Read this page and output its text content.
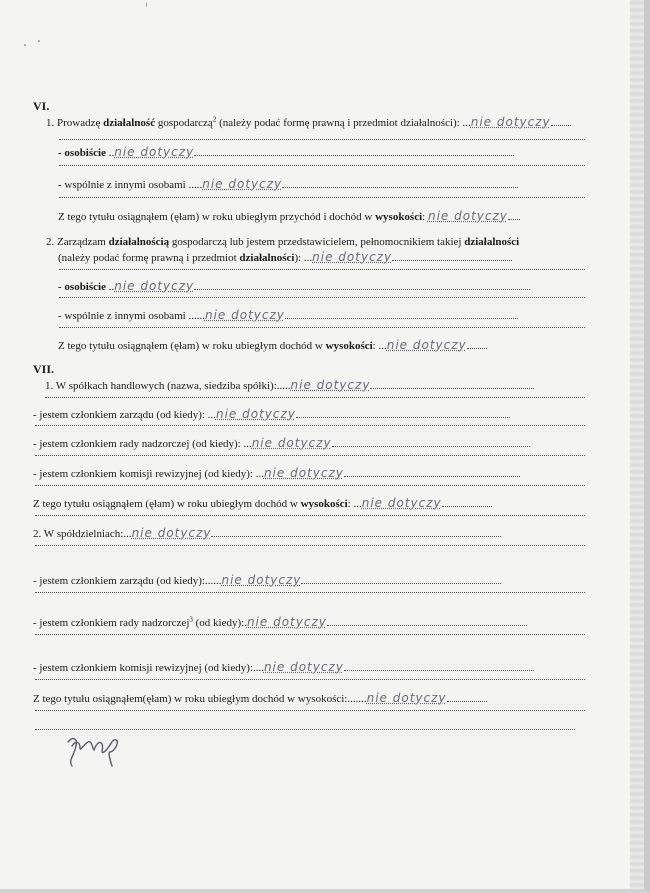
VI.
1. Prowadzę działalność gospodarczą$^2$ (należy podać formę prawną i przedmiot działalności): ...nie dotyczy
- osobiście ..nie dotyczy
- wspólnie z innymi osobami .....nie dotyczy
Z tego tytułu osiągnąłem (ęłam) w roku ubiegłym przychód i dochód w wysokości: nie dotyczy
2. Zarządzam działalnością gospodarczą lub jestem przedstawicielem, pełnomocnikiem takiej działalności
(należy podać formę prawną i przedmiot działalności): ...nie dotyczy
- osobiście ..nie dotyczy
- wspólnie z innymi osobami ......nie dotyczy
Z tego tytułu osiągnąłem (ęłam) w roku ubiegłym dochód w wysokości: ...nie dotyczy
VII.
1. W spółkach handlowych (nazwa, siedziba spółki):.....nie dotyczy
- jestem członkiem zarządu (od kiedy): ...nie dotyczy
- jestem członkiem rady nadzorczej (od kiedy): ...nie dotyczy
- jestem członkiem komisji rewizyjnej (od kiedy): ...nie dotyczy
Z tego tytułu osiągnąłem (ęłam) w roku ubiegłym dochód w wysokości: ...nie dotyczy
2. W spółdzielniach:...nie dotyczy
- jestem członkiem zarządu (od kiedy):......nie dotyczy
- jestem członkiem rady nadzorczej$^3$ (od kiedy):.nie dotyczy
- jestem członkiem komisji rewizyjnej (od kiedy):....nie dotyczy
Z tego tytułu osiągnąłem(ęłam) w roku ubiegłym dochód w wysokości:.......nie dotyczy
